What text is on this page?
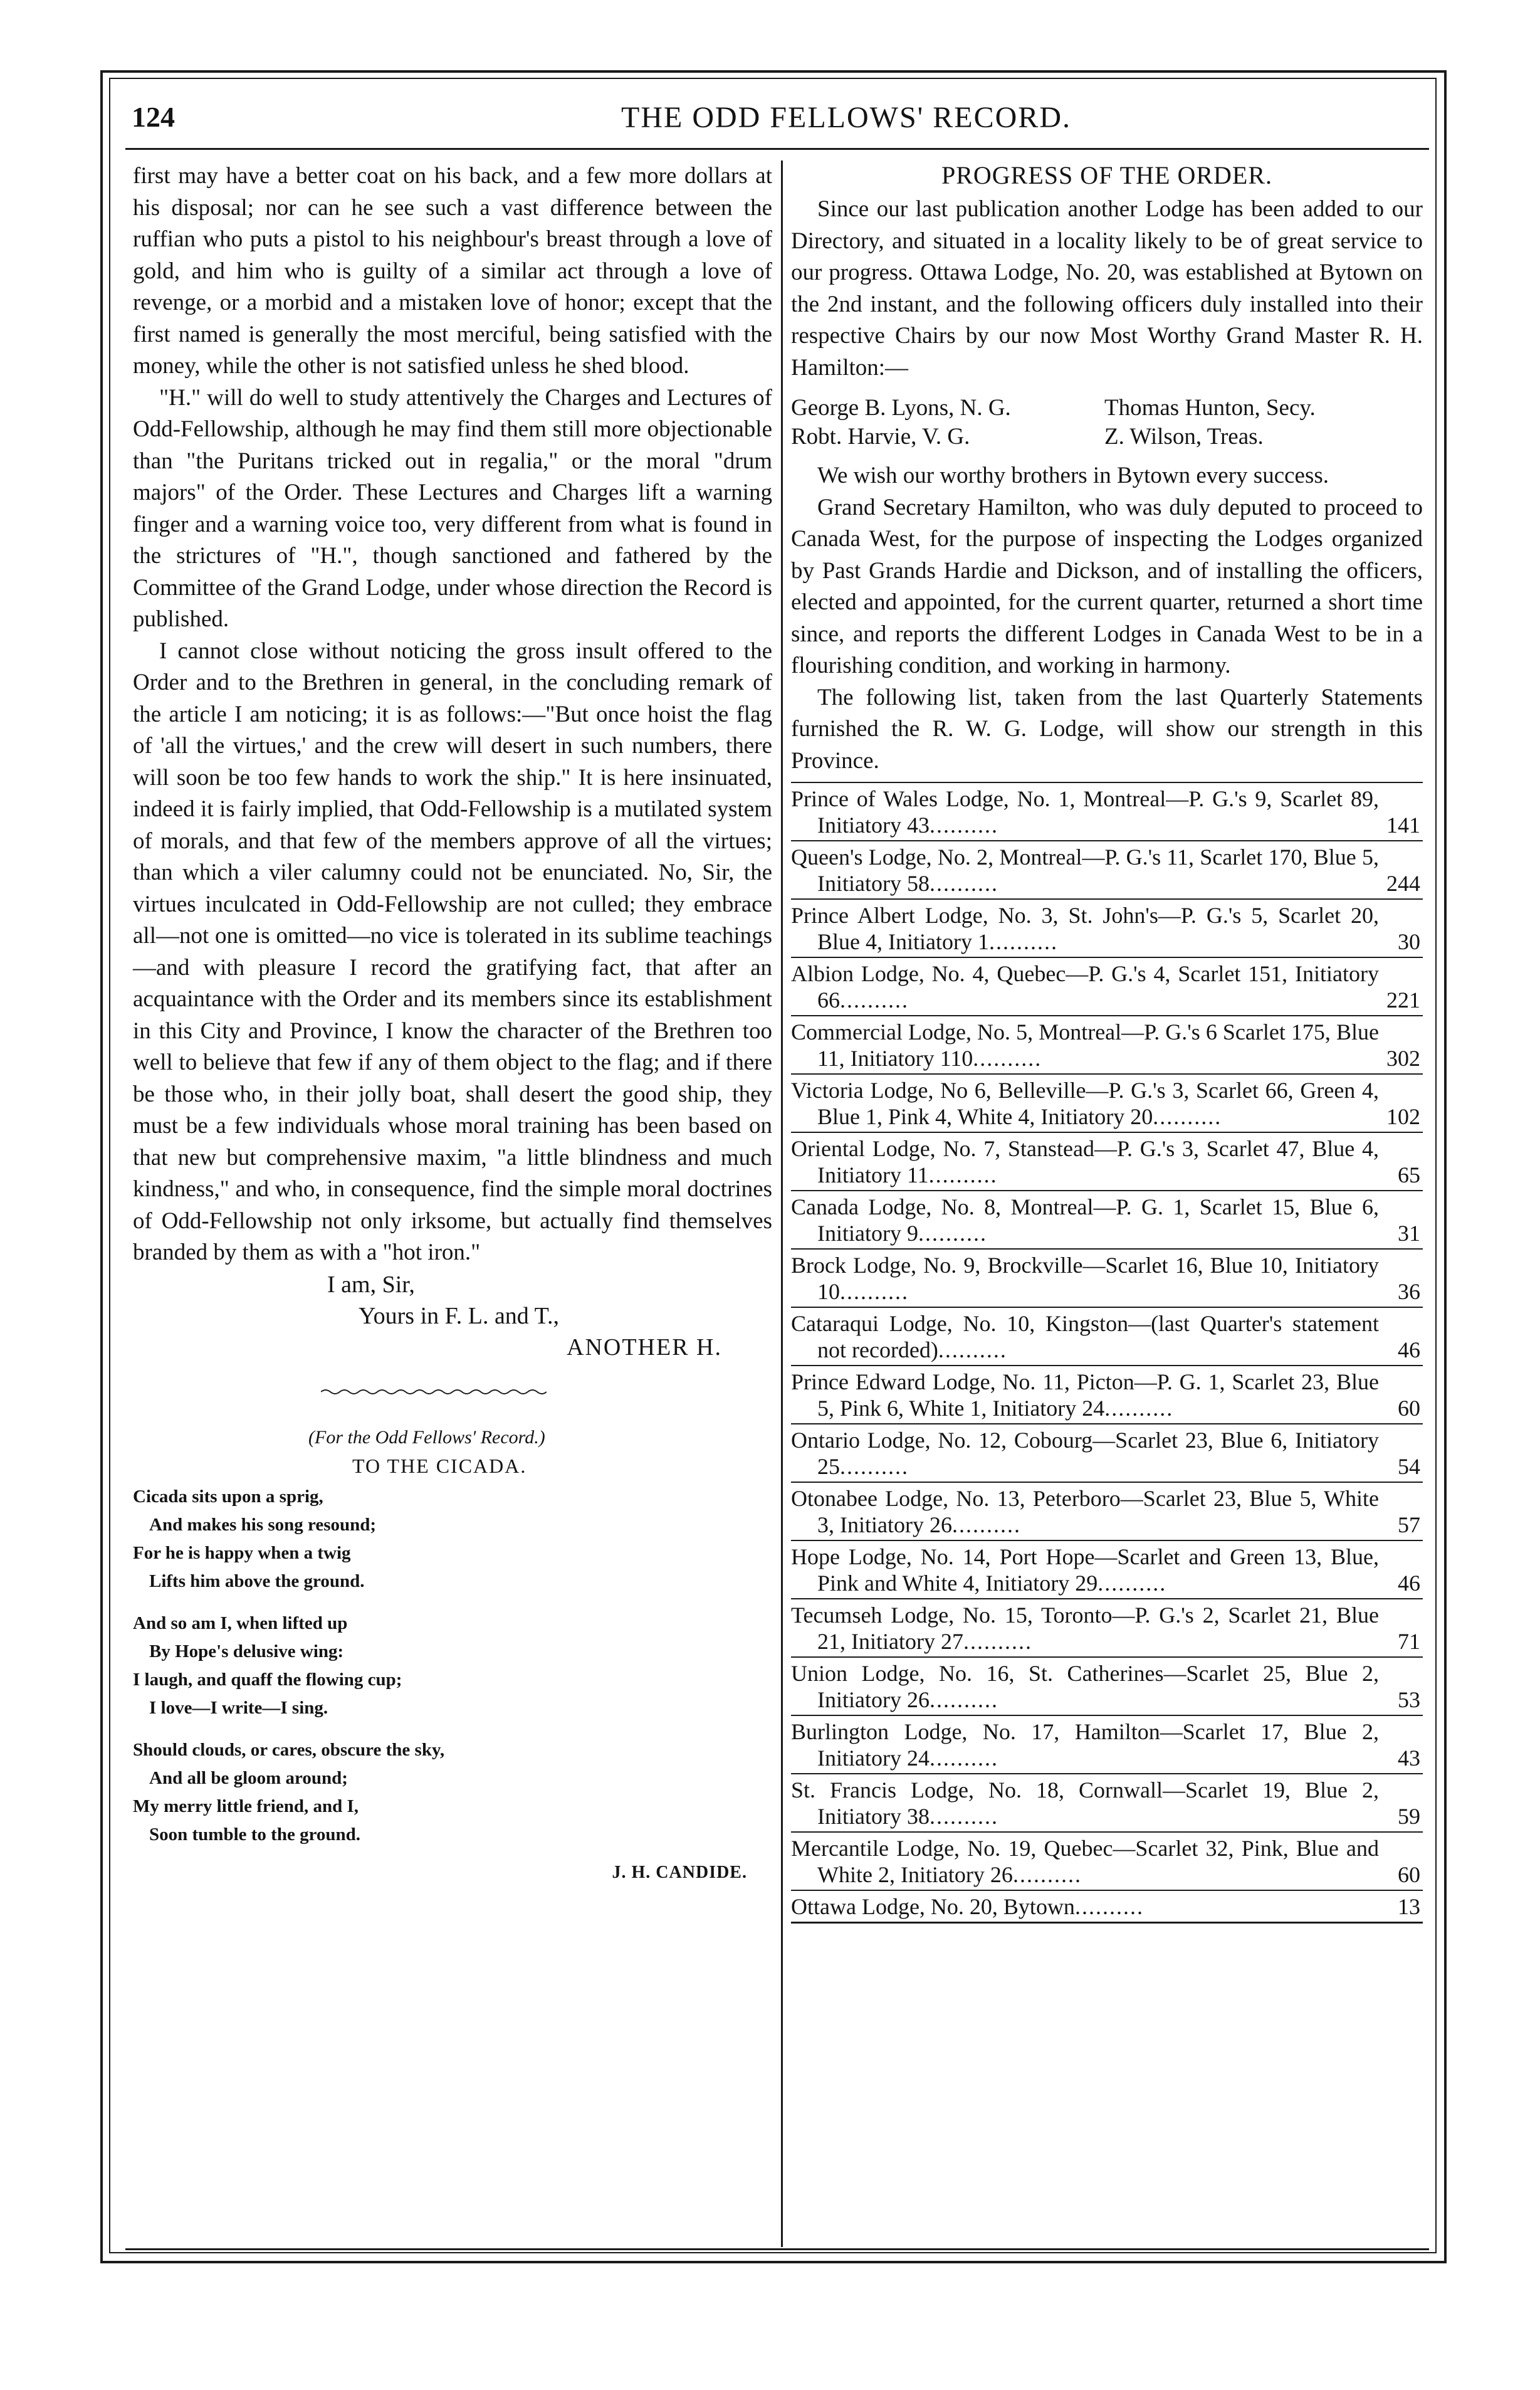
124	THE ODD FELLOWS' RECORD.

first may have a better coat on his back, and a few more dollars at his disposal; nor can he see such a vast difference between the ruffian who puts a pistol to his neighbour's breast through a love of gold, and him who is guilty of a similar act through a love of revenge, or a morbid and a mistaken love of honor; except that the first named is generally the most merciful, being satisfied with the money, while the other is not satisfied unless he shed blood.

"H." will do well to study attentively the Charges and Lectures of Odd-Fellowship, although he may find them still more objectionable than "the Puritans tricked out in regalia," or the moral "drum majors" of the Order. These Lectures and Charges lift a warning finger and a warning voice too, very different from what is found in the strictures of "H.", though sanctioned and fathered by the Committee of the Grand Lodge, under whose direction the Record is published.

I cannot close without noticing the gross insult offered to the Order and to the Brethren in general, in the concluding remark of the article I am noticing; it is as follows:—"But once hoist the flag of 'all the virtues,' and the crew will desert in such numbers, there will soon be too few hands to work the ship." It is here insinuated, indeed it is fairly implied, that Odd-Fellowship is a mutilated system of morals, and that few of the members approve of all the virtues; than which a viler calumny could not be enunciated. No, Sir, the virtues inculcated in Odd-Fellowship are not culled; they embrace all—not one is omitted—no vice is tolerated in its sublime teachings—and with pleasure I record the gratifying fact, that after an acquaintance with the Order and its members since its establishment in this City and Province, I know the character of the Brethren too well to believe that few if any of them object to the flag; and if there be those who, in their jolly boat, shall desert the good ship, they must be a few individuals whose moral training has been based on that new but comprehensive maxim, "a little blindness and much kindness," and who, in consequence, find the simple moral doctrines of Odd-Fellowship not only irksome, but actually find themselves branded by them as with a "hot iron."

I am, Sir,
Yours in F. L. and T.,
ANOTHER H.
(For the Odd Fellows' Record.)
TO THE CICADA.
Cicada sits upon a sprig,
And makes his song resound;
For he is happy when a twig
Lifts him above the ground.
And so am I, when lifted up
By Hope's delusive wing:
I laugh, and quaff the flowing cup;
I love—I write—I sing.
Should clouds, or cares, obscure the sky,
And all be gloom around;
My merry little friend, and I,
Soon tumble to the ground.
J. H. CANDIDE.
PROGRESS OF THE ORDER.

Since our last publication another Lodge has been added to our Directory, and situated in a locality likely to be of great service to our progress. Ottawa Lodge, No. 20, was established at Bytown on the 2nd instant, and the following officers duly installed into their respective Chairs by our now Most Worthy Grand Master R. H. Hamilton:—

George B. Lyons, N. G.	Thomas Hunton, Secy.
Robt. Harvie, V. G.	Z. Wilson, Treas.

We wish our worthy brothers in Bytown every success.

Grand Secretary Hamilton, who was duly deputed to proceed to Canada West, for the purpose of inspecting the Lodges organized by Past Grands Hardie and Dickson, and of installing the officers, elected and appointed, for the current quarter, returned a short time since, and reports the different Lodges in Canada West to be in a flourishing condition, and working in harmony.

The following list, taken from the last Quarterly Statements furnished the R. W. G. Lodge, will show our strength in this Province.

Prince of Wales Lodge, No. 1, Montreal—P. G.'s 9, Scarlet 89, Initiatory 43..........	141
Queen's Lodge, No. 2, Montreal—P. G.'s 11, Scarlet 170, Blue 5, Initiatory 58..........	244
Prince Albert Lodge, No. 3, St. John's—P. G.'s 5, Scarlet 20, Blue 4, Initiatory 1..........	30
Albion Lodge, No. 4, Quebec—P. G.'s 4, Scarlet 151, Initiatory 66..........	221
Commercial Lodge, No. 5, Montreal—P. G.'s 6 Scarlet 175, Blue 11, Initiatory 110..........	302
Victoria Lodge, No 6, Belleville—P. G.'s 3, Scarlet 66, Green 4, Blue 1, Pink 4, White 4, Initiatory 20..........	102
Oriental Lodge, No. 7, Stanstead—P. G.'s 3, Scarlet 47, Blue 4, Initiatory 11..........	65
Canada Lodge, No. 8, Montreal—P. G. 1, Scarlet 15, Blue 6, Initiatory 9..........	31
Brock Lodge, No. 9, Brockville—Scarlet 16, Blue 10, Initiatory 10..........	36
Cataraqui Lodge, No. 10, Kingston—(last Quarter's statement not recorded)..........	46
Prince Edward Lodge, No. 11, Picton—P. G. 1, Scarlet 23, Blue 5, Pink 6, White 1, Initiatory 24..........	60
Ontario Lodge, No. 12, Cobourg—Scarlet 23, Blue 6, Initiatory 25..........	54
Otonabee Lodge, No. 13, Peterboro—Scarlet 23, Blue 5, White 3, Initiatory 26..........	57
Hope Lodge, No. 14, Port Hope—Scarlet and Green 13, Blue, Pink and White 4, Initiatory 29..........	46
Tecumseh Lodge, No. 15, Toronto—P. G.'s 2, Scarlet 21, Blue 21, Initiatory 27..........	71
Union Lodge, No. 16, St. Catherines—Scarlet 25, Blue 2, Initiatory 26..........	53
Burlington Lodge, No. 17, Hamilton—Scarlet 17, Blue 2, Initiatory 24..........	43
St. Francis Lodge, No. 18, Cornwall—Scarlet 19, Blue 2, Initiatory 38..........	59
Mercantile Lodge, No. 19, Quebec—Scarlet 32, Pink, Blue and White 2, Initiatory 26..........	60
Ottawa Lodge, No. 20, Bytown..........	13
